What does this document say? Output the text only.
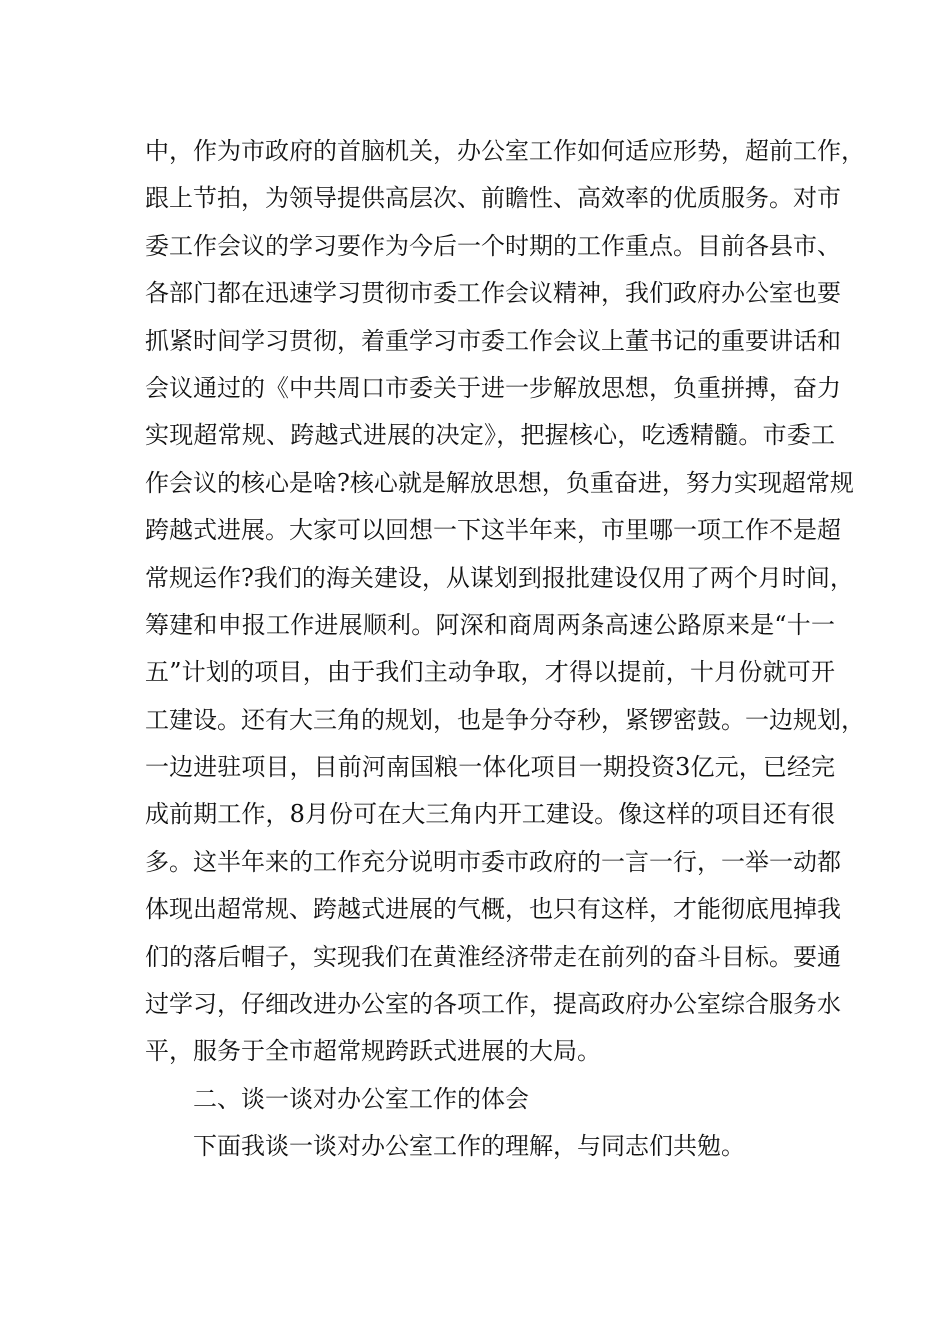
中，作为市政府的首脑机关，办公室工作如何适应形势，超前工作，
跟上节拍，为领导提供高层次、前瞻性、高效率的优质服务。对市
委工作会议的学习要作为今后一个时期的工作重点。目前各县市、
各部门都在迅速学习贯彻市委工作会议精神，我们政府办公室也要
抓紧时间学习贯彻，着重学习市委工作会议上董书记的重要讲话和
会议通过的《中共周口市委关于进一步解放思想，负重拼搏，奋力
实现超常规、跨越式进展的决定》，把握核心，吃透精髓。市委工
作会议的核心是啥?核心就是解放思想，负重奋进，努力实现超常规
跨越式进展。大家可以回想一下这半年来，市里哪一项工作不是超
常规运作?我们的海关建设，从谋划到报批建设仅用了两个月时间，
筹建和申报工作进展顺利。阿深和商周两条高速公路原来是“十一
五”计划的项目，由于我们主动争取，才得以提前，十月份就可开
工建设。还有大三角的规划，也是争分夺秒，紧锣密鼓。一边规划，
一边进驻项目，目前河南国粮一体化项目一期投资3亿元，已经完
成前期工作，8月份可在大三角内开工建设。像这样的项目还有很
多。这半年来的工作充分说明市委市政府的一言一行，一举一动都
体现出超常规、跨越式进展的气概，也只有这样，才能彻底甩掉我
们的落后帽子，实现我们在黄淮经济带走在前列的奋斗目标。要通
过学习，仔细改进办公室的各项工作，提高政府办公室综合服务水
平，服务于全市超常规跨跃式进展的大局。
二、谈一谈对办公室工作的体会
下面我谈一谈对办公室工作的理解，与同志们共勉。
